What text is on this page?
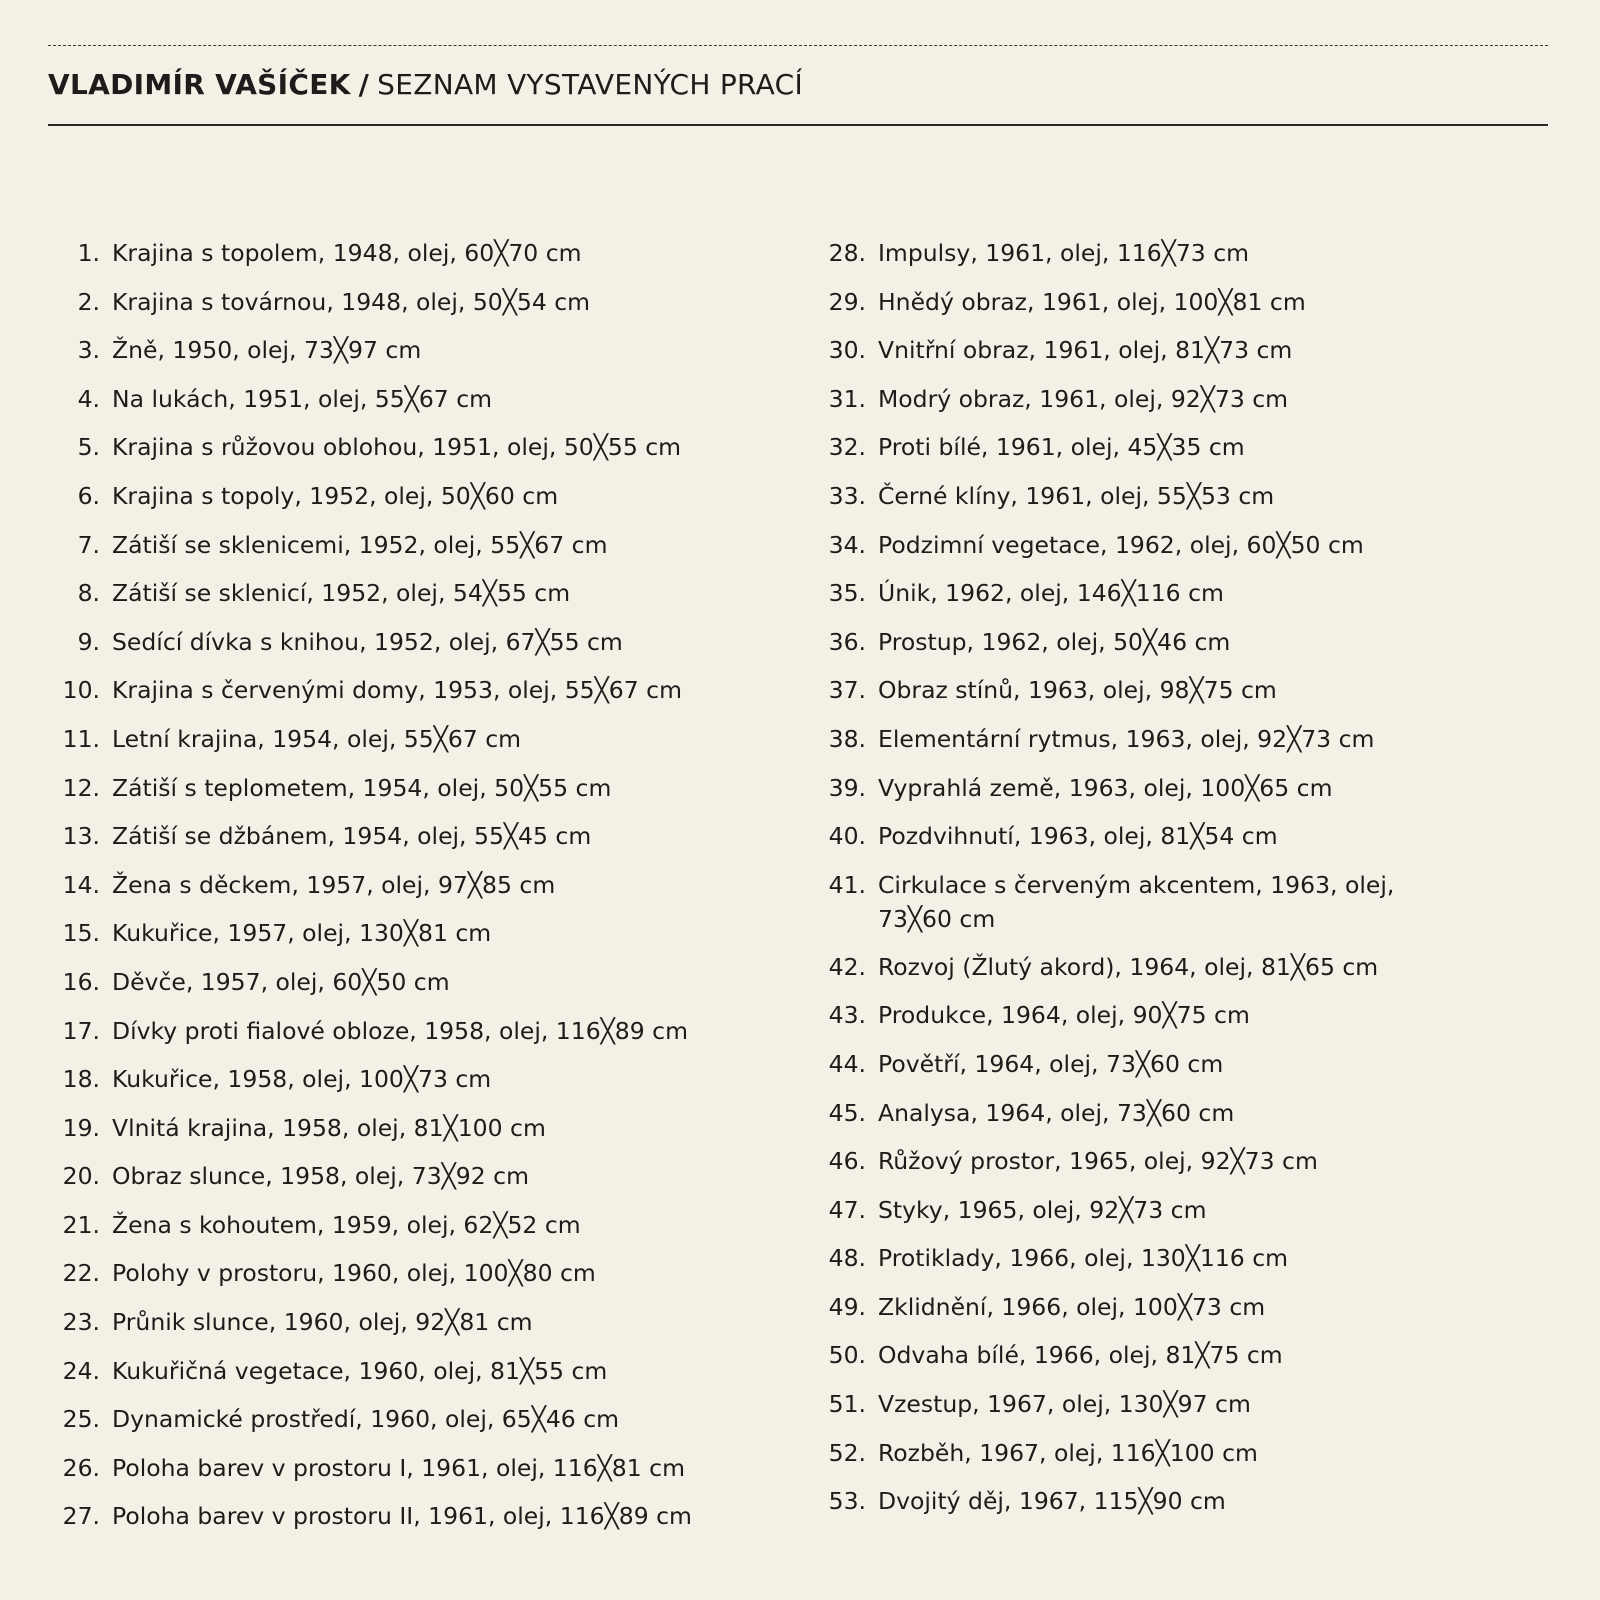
VLADIMÍR VAŠÍČEK / SEZNAM VYSTAVENÝCH PRACÍ
1. Krajina s topolem, 1948, olej, 60╳70 cm
2. Krajina s továrnou, 1948, olej, 50╳54 cm
3. Žně, 1950, olej, 73╳97 cm
4. Na lukách, 1951, olej, 55╳67 cm
5. Krajina s růžovou oblohou, 1951, olej, 50╳55 cm
6. Krajina s topoly, 1952, olej, 50╳60 cm
7. Zátiší se sklenicemi, 1952, olej, 55╳67 cm
8. Zátiší se sklenicí, 1952, olej, 54╳55 cm
9. Sedící dívka s knihou, 1952, olej, 67╳55 cm
10. Krajina s červenými domy, 1953, olej, 55╳67 cm
11. Letní krajina, 1954, olej, 55╳67 cm
12. Zátiší s teplometem, 1954, olej, 50╳55 cm
13. Zátiší se džbánem, 1954, olej, 55╳45 cm
14. Žena s děckem, 1957, olej, 97╳85 cm
15. Kukuřice, 1957, olej, 130╳81 cm
16. Děvče, 1957, olej, 60╳50 cm
17. Dívky proti fialové obloze, 1958, olej, 116╳89 cm
18. Kukuřice, 1958, olej, 100╳73 cm
19. Vlnitá krajina, 1958, olej, 81╳100 cm
20. Obraz slunce, 1958, olej, 73╳92 cm
21. Žena s kohoutem, 1959, olej, 62╳52 cm
22. Polohy v prostoru, 1960, olej, 100╳80 cm
23. Průnik slunce, 1960, olej, 92╳81 cm
24. Kukuřičná vegetace, 1960, olej, 81╳55 cm
25. Dynamické prostředí, 1960, olej, 65╳46 cm
26. Poloha barev v prostoru I, 1961, olej, 116╳81 cm
27. Poloha barev v prostoru II, 1961, olej, 116╳89 cm
28. Impulsy, 1961, olej, 116╳73 cm
29. Hnědý obraz, 1961, olej, 100╳81 cm
30. Vnitřní obraz, 1961, olej, 81╳73 cm
31. Modrý obraz, 1961, olej, 92╳73 cm
32. Proti bílé, 1961, olej, 45╳35 cm
33. Černé klíny, 1961, olej, 55╳53 cm
34. Podzimní vegetace, 1962, olej, 60╳50 cm
35. Únik, 1962, olej, 146╳116 cm
36. Prostup, 1962, olej, 50╳46 cm
37. Obraz stínů, 1963, olej, 98╳75 cm
38. Elementární rytmus, 1963, olej, 92╳73 cm
39. Vyprahlá země, 1963, olej, 100╳65 cm
40. Pozdvihnutí, 1963, olej, 81╳54 cm
41. Cirkulace s červeným akcentem, 1963, olej, 73╳60 cm
42. Rozvoj (Žlutý akord), 1964, olej, 81╳65 cm
43. Produkce, 1964, olej, 90╳75 cm
44. Povětří, 1964, olej, 73╳60 cm
45. Analysa, 1964, olej, 73╳60 cm
46. Růžový prostor, 1965, olej, 92╳73 cm
47. Styky, 1965, olej, 92╳73 cm
48. Protiklady, 1966, olej, 130╳116 cm
49. Zklidnění, 1966, olej, 100╳73 cm
50. Odvaha bílé, 1966, olej, 81╳75 cm
51. Vzestup, 1967, olej, 130╳97 cm
52. Rozběh, 1967, olej, 116╳100 cm
53. Dvojitý děj, 1967, 115╳90 cm
